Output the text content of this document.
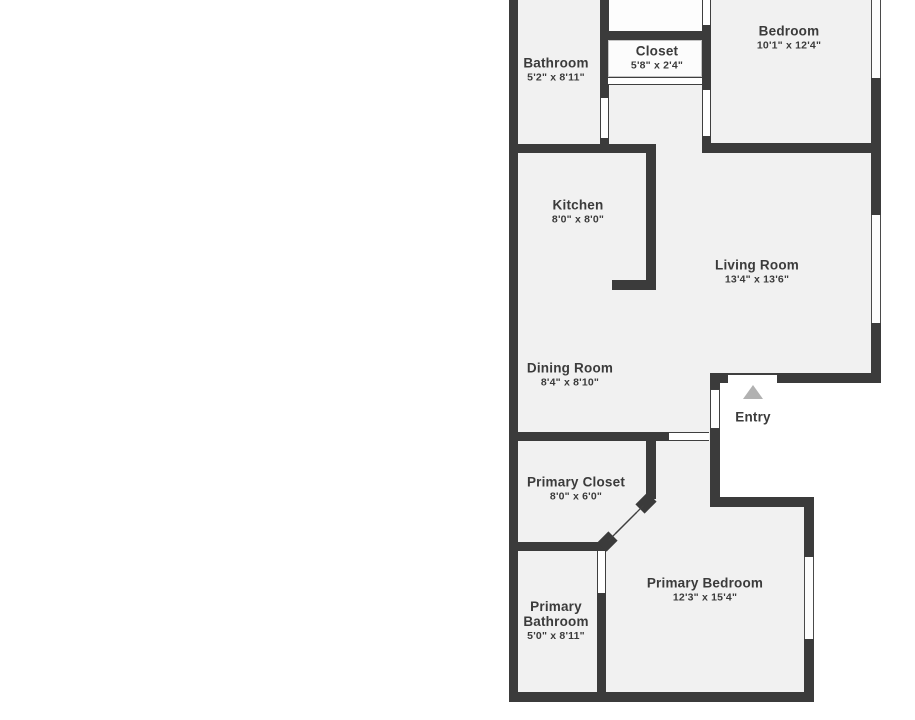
Bathroom
5'2" x 8'11"
Closet
5'8" x 2'4"
Bedroom
10'1" x 12'4"
Kitchen
8'0" x 8'0"
Living Room
13'4" x 13'6"
Dining Room
8'4" x 8'10"
Entry
Primary Closet
8'0" x 6'0"
Primary Bedroom
12'3" x 15'4"
Primary Bathroom
5'0" x 8'11"
